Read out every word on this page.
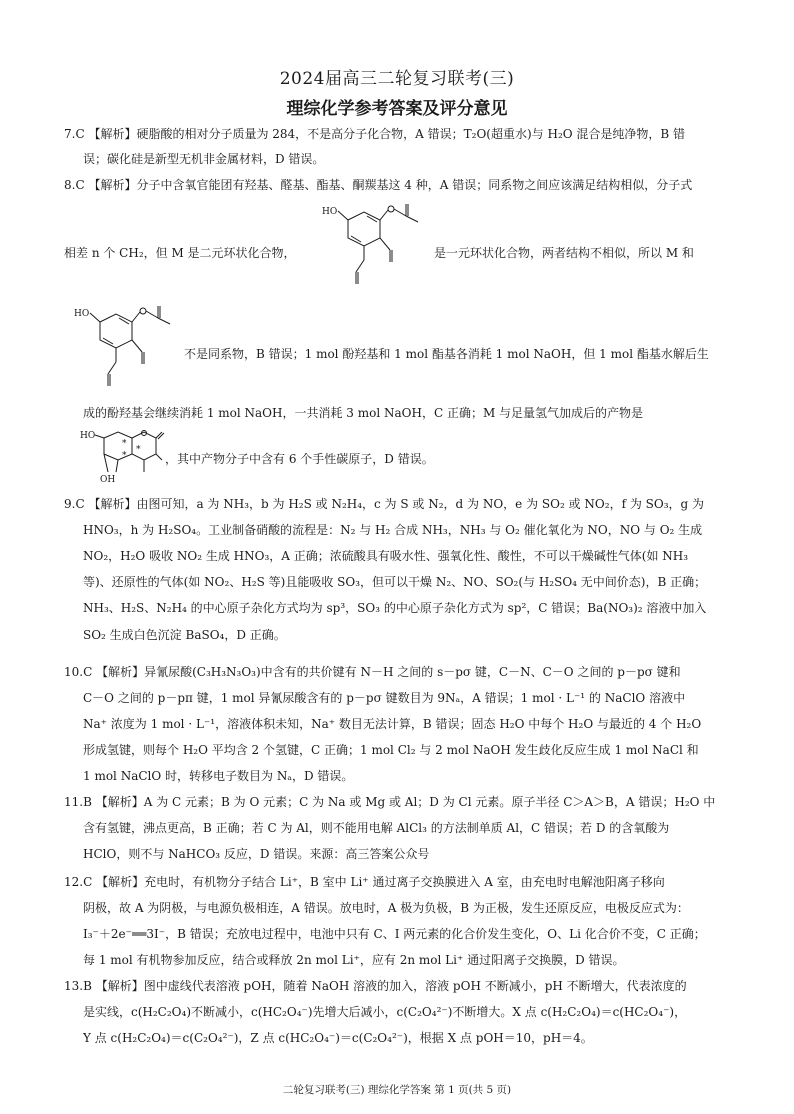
2024届高三二轮复习联考(三)
理综化学参考答案及评分意见
7.C 【解析】硬脂酸的相对分子质量为 284，不是高分子化合物，A 错误；T₂O(超重水)与 H₂O 混合是纯净物，B 错
误；碳化硅是新型无机非金属材料，D 错误。
8.C 【解析】分子中含氧官能团有羟基、醛基、酯基、酮羰基这 4 种，A 错误；同系物之间应该满足结构相似，分子式
HO
相差 n 个 CH₂，但 M 是二元环状化合物，	是一元环状化合物，两者结构不相似，所以 M 和
HO
不是同系物，B 错误；1 mol 酚羟基和 1 mol 酯基各消耗 1 mol NaOH，但 1 mol 酯基水解后生
成的酚羟基会继续消耗 1 mol NaOH，一共消耗 3 mol NaOH，C 正确；M 与足量氢气加成后的产物是
HO
OH
*
*
*
，其中产物分子中含有 6 个手性碳原子，D 错误。
9.C 【解析】由图可知，a 为 NH₃，b 为 H₂S 或 N₂H₄，c 为 S 或 N₂，d 为 NO，e 为 SO₂ 或 NO₂，f 为 SO₃，g 为
HNO₃，h 为 H₂SO₄。工业制备硝酸的流程是：N₂ 与 H₂ 合成 NH₃，NH₃ 与 O₂ 催化氧化为 NO，NO 与 O₂ 生成
NO₂，H₂O 吸收 NO₂ 生成 HNO₃，A 正确；浓硫酸具有吸水性、强氧化性、酸性，不可以干燥碱性气体(如 NH₃
等)、还原性的气体(如 NO₂、H₂S 等)且能吸收 SO₃，但可以干燥 N₂、NO、SO₂(与 H₂SO₄ 无中间价态)，B 正确；
NH₃、H₂S、N₂H₄ 的中心原子杂化方式均为 sp³，SO₃ 的中心原子杂化方式为 sp²，C 错误；Ba(NO₃)₂ 溶液中加入
SO₂ 生成白色沉淀 BaSO₄，D 正确。
10.C 【解析】异氰尿酸(C₃H₃N₃O₃)中含有的共价键有 N－H 之间的 s－pσ 键，C－N、C－O 之间的 p－pσ 键和
C－O 之间的 p－pπ 键，1 mol 异氰尿酸含有的 p－pσ 键数目为 9Nₐ，A 错误；1 mol · L⁻¹ 的 NaClO 溶液中
Na⁺ 浓度为 1 mol · L⁻¹，溶液体积未知，Na⁺ 数目无法计算，B 错误；固态 H₂O 中每个 H₂O 与最近的 4 个 H₂O
形成氢键，则每个 H₂O 平均含 2 个氢键，C 正确；1 mol Cl₂ 与 2 mol NaOH 发生歧化反应生成 1 mol NaCl 和
1 mol NaClO 时，转移电子数目为 Nₐ，D 错误。
11.B 【解析】A 为 C 元素；B 为 O 元素；C 为 Na 或 Mg 或 Al；D 为 Cl 元素。原子半径 C＞A＞B，A 错误；H₂O 中
含有氢键，沸点更高，B 正确；若 C 为 Al，则不能用电解 AlCl₃ 的方法制单质 Al，C 错误；若 D 的含氧酸为
HClO，则不与 NaHCO₃ 反应，D 错误。来源：高三答案公众号
12.C 【解析】充电时，有机物分子结合 Li⁺，B 室中 Li⁺ 通过离子交换膜进入 A 室，由充电时电解池阳离子移向
阴极，故 A 为阴极，与电源负极相连，A 错误。放电时，A 极为负极，B 为正极，发生还原反应，电极反应式为：
I₃⁻＋2e⁻══3I⁻，B 错误；充放电过程中，电池中只有 C、I 两元素的化合价发生变化，O、Li 化合价不变，C 正确；
每 1 mol 有机物参加反应，结合或释放 2n mol Li⁺，应有 2n mol Li⁺ 通过阳离子交换膜，D 错误。
13.B 【解析】图中虚线代表溶液 pOH，随着 NaOH 溶液的加入，溶液 pOH 不断减小，pH 不断增大，代表浓度的
是实线，c(H₂C₂O₄)不断减小，c(HC₂O₄⁻)先增大后减小，c(C₂O₄²⁻)不断增大。X 点 c(H₂C₂O₄)＝c(HC₂O₄⁻)，
Y 点 c(H₂C₂O₄)＝c(C₂O₄²⁻)，Z 点 c(HC₂O₄⁻)＝c(C₂O₄²⁻)，根据 X 点 pOH＝10，pH＝4。
二轮复习联考(三) 理综化学答案 第 1 页(共 5 页)
